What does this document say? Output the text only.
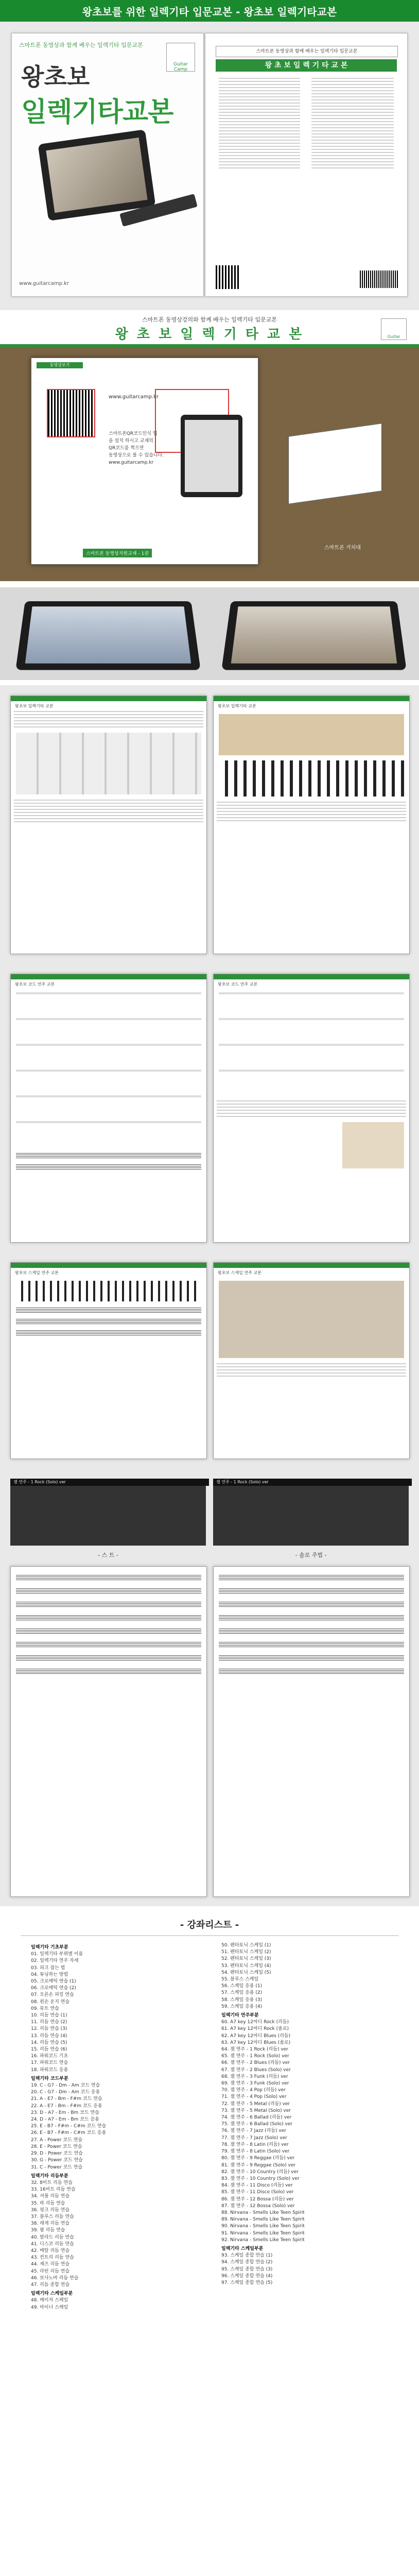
왕초보를 위한 일렉기타 입문교본 - 왕초보 일렉기타교본
스마트폰 동영상과 함께 배우는 일렉기타 입문교본
왕초보
일렉기타교본
Guitar Camp
www.guitarcamp.kr
스마트폰 동영상과 함께 배우는 일렉기타 입문교본
왕 초 보 일 렉 기 타 교 본
스마트폰 동영상강의와 함께 배우는 일렉기타 입문교본
왕 초 보 일 렉 기 타 교 본	Guitar
동영상보기
www.guitarcamp.kr
스마트폰QR코드인식 앱
을 설치 하시고 교재의
QR코드를 찍으면
동영상으로 볼 수 있습니다.
www.guitarcamp.kr
스마트폰 동영상지원교재 - 1권
스마트폰 거치대
왕초보 일렉기타 교본	왕초보 일렉기타 교본
왕초보 코드 연주 교본	왕초보 코드 연주 교본
왕초보 스케일 연주 교본	왕초보 스케일 연주 교본
잼 연주 - 1 Rock (Solo) ver	잼 연주 - 1 Rock (Solo) ver
- 스 트 -	- 솔로 주법 -
- 강좌리스트 -
일렉기타 기초부분
01. 일렉기타 부위별 이름
02. 일렉기타 연주 자세
03. 피크 잡는 법
04. 튜닝하는 방법
05. 크로매틱 연습 (1)
06. 크로매틱 연습 (2)
07. 오른손 피킹 연습
08. 왼손 운지 연습
09. 뮤트 연습
10. 리듬 연습 (1)
11. 리듬 연습 (2)
12. 리듬 연습 (3)
13. 리듬 연습 (4)
14. 리듬 연습 (5)
15. 리듬 연습 (6)
16. 파워코드 기초
17. 파워코드 연습
18. 파워코드 응용
일렉기타 코드부분
19. C - G7 - Dm - Am 코드 연습
20. C - G7 - Dm - Am 코드 응용
21. A - E7 - Bm - F#m 코드 연습
22. A - E7 - Bm - F#m 코드 응용
23. D - A7 - Em - Bm 코드 연습
24. D - A7 - Em - Bm 코드 응용
25. E - B7 - F#m - C#m 코드 연습
26. E - B7 - F#m - C#m 코드 응용
27. A - Power 코드 연습
28. E - Power 코드 연습
29. D - Power 코드 연습
30. G - Power 코드 연습
31. C - Power 코드 연습
일렉기타 리듬부분
32. 8비트 리듬 연습
33. 16비트 리듬 연습
34. 셔플 리듬 연습
35. 락 리듬 연습
36. 펑크 리듬 연습
37. 블루스 리듬 연습
38. 레게 리듬 연습
39. 팝 리듬 연습
40. 발라드 리듬 연습
41. 디스코 리듬 연습
42. 메탈 리듬 연습
43. 컨트리 리듬 연습
44. 재즈 리듬 연습
45. 라틴 리듬 연습
46. 보사노바 리듬 연습
47. 리듬 종합 연습
일렉기타 스케일부분
48. 메이저 스케일
49. 마이너 스케일
50. 펜타토닉 스케일 (1)
51. 펜타토닉 스케일 (2)
52. 펜타토닉 스케일 (3)
53. 펜타토닉 스케일 (4)
54. 펜타토닉 스케일 (5)
55. 블루스 스케일
56. 스케일 응용 (1)
57. 스케일 응용 (2)
58. 스케일 응용 (3)
59. 스케일 응용 (4)
일렉기타 연주부분
60. A7 key 12마디 Rock (리듬)
61. A7 key 12마디 Rock (솔로)
62. A7 key 12마디 Blues (리듬)
63. A7 key 12마디 Blues (솔로)
64. 잼 연주 - 1 Rock (리듬) ver
65. 잼 연주 - 1 Rock (Solo) ver
66. 잼 연주 - 2 Blues (리듬) ver
67. 잼 연주 - 2 Blues (Solo) ver
68. 잼 연주 - 3 Funk (리듬) ver
69. 잼 연주 - 3 Funk (Solo) ver
70. 잼 연주 - 4 Pop (리듬) ver
71. 잼 연주 - 4 Pop (Solo) ver
72. 잼 연주 - 5 Metal (리듬) ver
73. 잼 연주 - 5 Metal (Solo) ver
74. 잼 연주 - 6 Ballad (리듬) ver
75. 잼 연주 - 6 Ballad (Solo) ver
76. 잼 연주 - 7 Jazz (리듬) ver
77. 잼 연주 - 7 Jazz (Solo) ver
78. 잼 연주 - 8 Latin (리듬) ver
79. 잼 연주 - 8 Latin (Solo) ver
80. 잼 연주 - 9 Reggae (리듬) ver
81. 잼 연주 - 9 Reggae (Solo) ver
82. 잼 연주 - 10 Country (리듬) ver
83. 잼 연주 - 10 Country (Solo) ver
84. 잼 연주 - 11 Disco (리듬) ver
85. 잼 연주 - 11 Disco (Solo) ver
86. 잼 연주 - 12 Bossa (리듬) ver
87. 잼 연주 - 12 Bossa (Solo) ver
88. Nirvana - Smells Like Teen Spirit
89. Nirvana - Smells Like Teen Spirit
90. Nirvana - Smells Like Teen Spirit
91. Nirvana - Smells Like Teen Spirit
92. Nirvana - Smells Like Teen Spirit
일렉기타 스케일부분
93. 스케일 종합 연습 (1)
94. 스케일 종합 연습 (2)
95. 스케일 종합 연습 (3)
96. 스케일 종합 연습 (4)
97. 스케일 종합 연습 (5)
